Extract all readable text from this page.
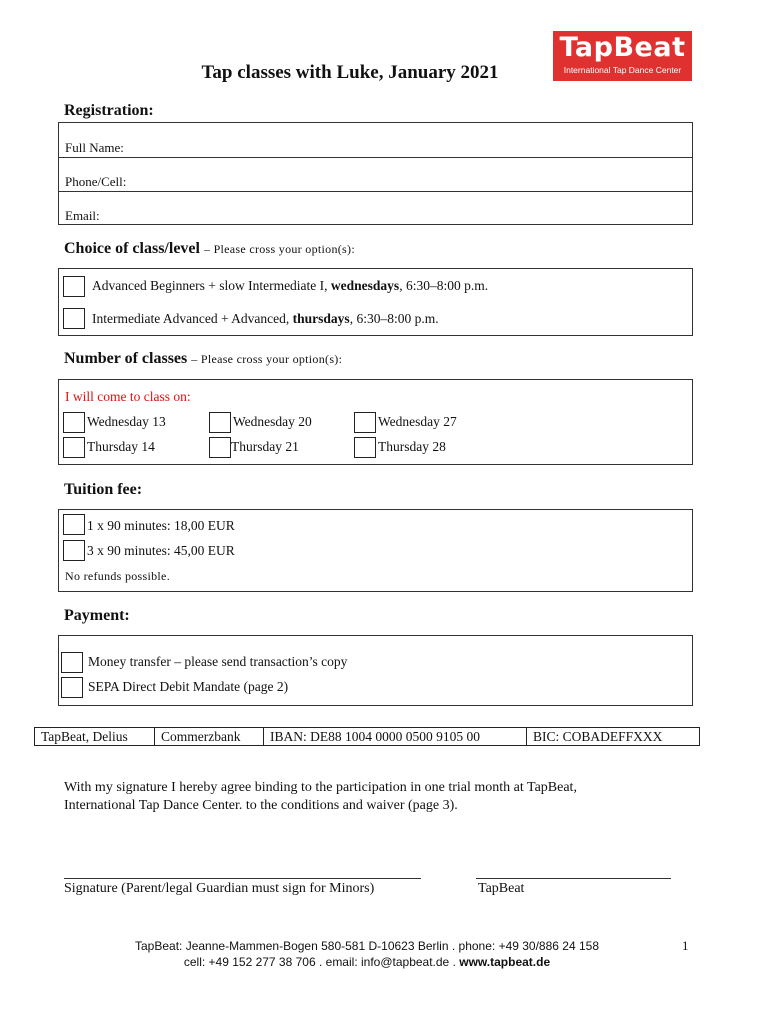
Tap classes with Luke, January 2021
TapBeat
International Tap Dance Center
Registration:
Full Name:
Phone/Cell:
Email:
Choice of class/level – Please cross your option(s):
Advanced Beginners + slow Intermediate I, wednesdays, 6:30–8:00 p.m.
Intermediate Advanced + Advanced, thursdays, 6:30–8:00 p.m.
Number of classes – Please cross your option(s):
I will come to class on:
Wednesday 13	Wednesday 20	Wednesday 27
Thursday 14	Thursday 21	Thursday 28
Tuition fee:
1 x 90 minutes: 18,00 EUR
3 x 90 minutes: 45,00 EUR
No refunds possible.
Payment:
Money transfer – please send transaction’s copy
SEPA Direct Debit Mandate (page 2)
TapBeat, Delius	Commerzbank	IBAN: DE88 1004 0000 0500 9105 00	BIC: COBADEFFXXX
With my signature I hereby agree binding to the participation in one trial month at TapBeat,
International Tap Dance Center. to the conditions and waiver (page 3).
Signature (Parent/legal Guardian must sign for Minors)	TapBeat
TapBeat: Jeanne-Mammen-Bogen 580-581 D-10623 Berlin . phone: +49 30/886 24 158
cell: +49 152 277 38 706 . email: info@tapbeat.de . www.tapbeat.de
1
